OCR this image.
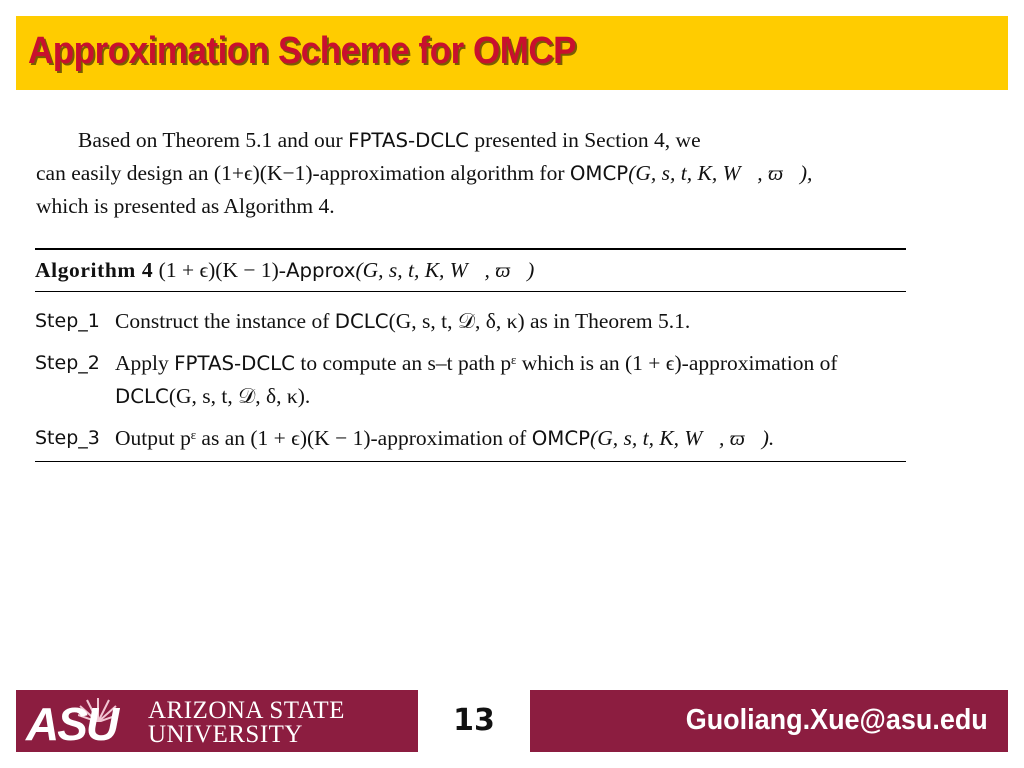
Approximation Scheme for OMCP

Based on Theorem 5.1 and our FPTAS-DCLC presented in Section 4, we

can easily design an (1+ϵ)(K−1)-approximation algorithm for OMCP(G, s, t, K, W⃗, ϖ⃗),

which is presented as Algorithm 4.

Algorithm 4 (1 + ϵ)(K − 1)-Approx(G, s, t, K, W⃗, ϖ⃗)
Step_1 Construct the instance of DCLC(G, s, t, 𝒟, δ, κ) as in Theorem 5.1.
Step_2 Apply FPTAS-DCLC to compute an s–t path pᵋ which is an (1 + ϵ)-approximation of DCLC(G, s, t, 𝒟, δ, κ).
Step_3 Output pᵋ as an (1 + ϵ)(K − 1)-approximation of OMCP(G, s, t, K, W⃗, ϖ⃗).
ASU ARIZONA STATE
UNIVERSITY	13	Guoliang.Xue@asu.edu
